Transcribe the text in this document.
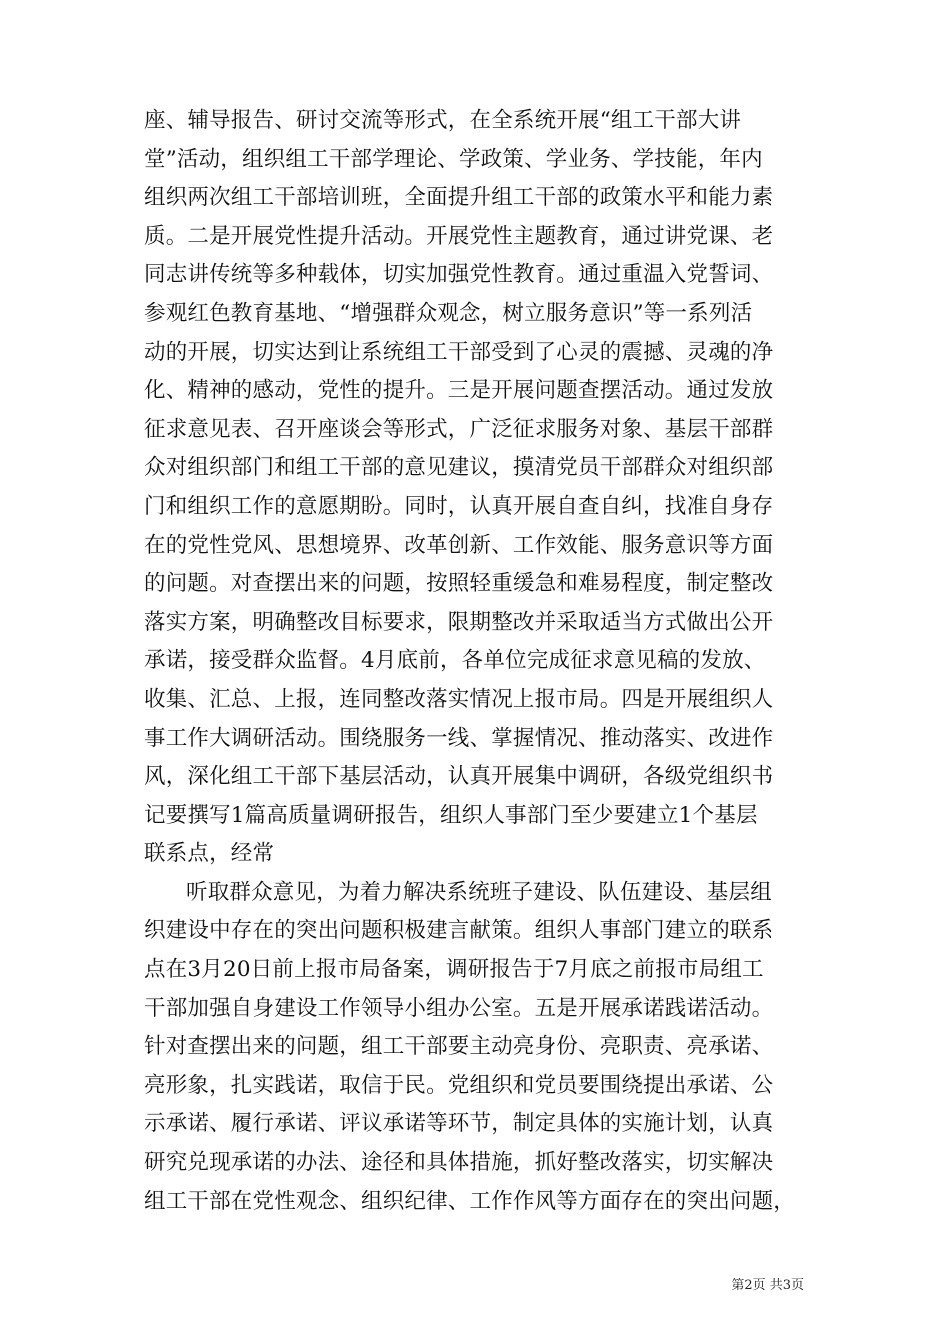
座、辅导报告、研讨交流等形式，在全系统开展“组工干部大讲
堂”活动，组织组工干部学理论、学政策、学业务、学技能，年内
组织两次组工干部培训班，全面提升组工干部的政策水平和能力素
质。二是开展党性提升活动。开展党性主题教育，通过讲党课、老
同志讲传统等多种载体，切实加强党性教育。通过重温入党誓词、
参观红色教育基地、“增强群众观念，树立服务意识”等一系列活
动的开展，切实达到让系统组工干部受到了心灵的震撼、灵魂的净
化、精神的感动，党性的提升。三是开展问题查摆活动。通过发放
征求意见表、召开座谈会等形式，广泛征求服务对象、基层干部群
众对组织部门和组工干部的意见建议，摸清党员干部群众对组织部
门和组织工作的意愿期盼。同时，认真开展自查自纠，找准自身存
在的党性党风、思想境界、改革创新、工作效能、服务意识等方面
的问题。对查摆出来的问题，按照轻重缓急和难易程度，制定整改
落实方案，明确整改目标要求，限期整改并采取适当方式做出公开
承诺，接受群众监督。4月底前，各单位完成征求意见稿的发放、
收集、汇总、上报，连同整改落实情况上报市局。四是开展组织人
事工作大调研活动。围绕服务一线、掌握情况、推动落实、改进作
风，深化组工干部下基层活动，认真开展集中调研，各级党组织书
记要撰写1篇高质量调研报告，组织人事部门至少要建立1个基层
联系点，经常
听取群众意见，为着力解决系统班子建设、队伍建设、基层组
织建设中存在的突出问题积极建言献策。组织人事部门建立的联系
点在3月20日前上报市局备案，调研报告于7月底之前报市局组工
干部加强自身建设工作领导小组办公室。五是开展承诺践诺活动。
针对查摆出来的问题，组工干部要主动亮身份、亮职责、亮承诺、
亮形象，扎实践诺，取信于民。党组织和党员要围绕提出承诺、公
示承诺、履行承诺、评议承诺等环节，制定具体的实施计划，认真
研究兑现承诺的办法、途径和具体措施，抓好整改落实，切实解决
组工干部在党性观念、组织纪律、工作作风等方面存在的突出问题，
第2页 共3页
